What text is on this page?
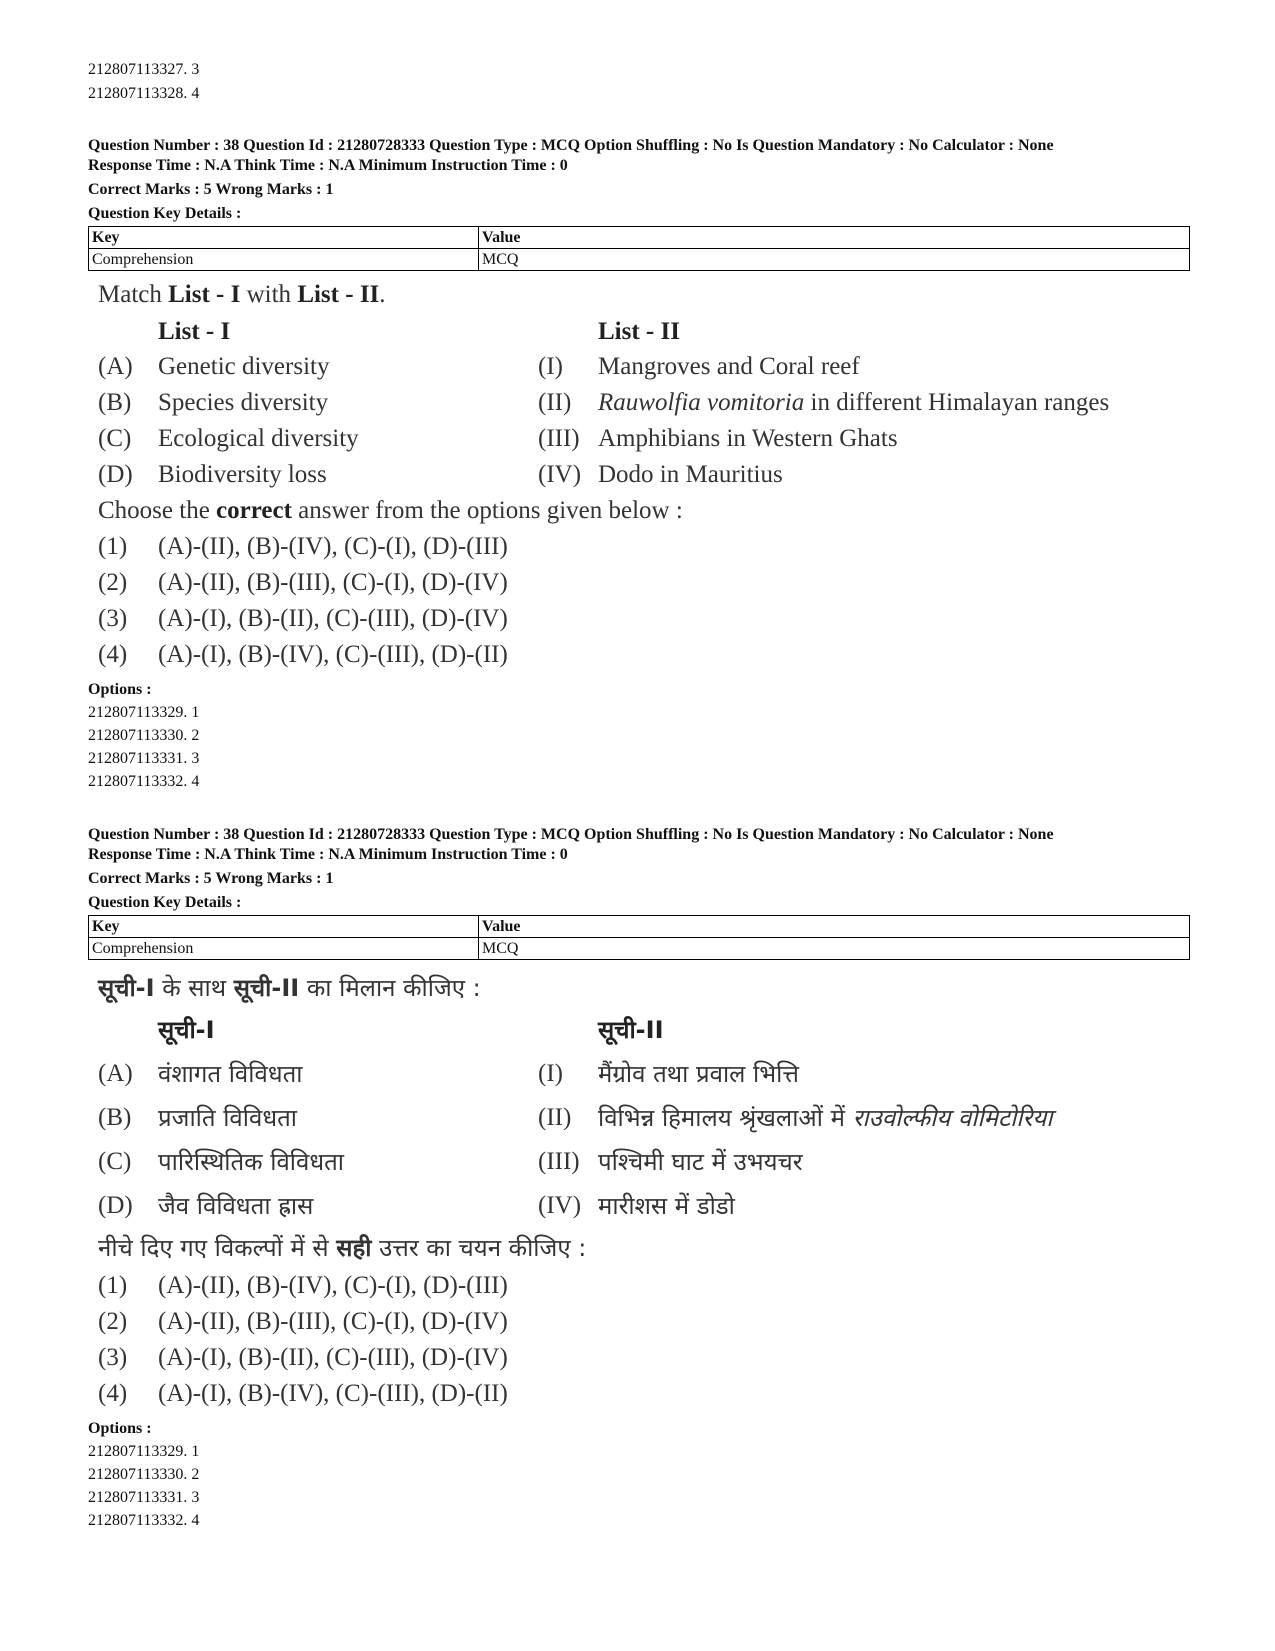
212807113327. 3
212807113328. 4
Question Number : 38 Question Id : 21280728333 Question Type : MCQ Option Shuffling : No Is Question Mandatory : No Calculator : None
Response Time : N.A Think Time : N.A Minimum Instruction Time : 0
Correct Marks : 5 Wrong Marks : 1
Question Key Details :
Key	Value
Comprehension	MCQ
Match List - I with List - II.
List - I	List - II
(A)	Genetic diversity	(I)	Mangroves and Coral reef
(B)	Species diversity	(II)	Rauwolfia vomitoria in different Himalayan ranges
(C)	Ecological diversity	(III) Amphibians in Western Ghats
(D)	Biodiversity loss	(IV) Dodo in Mauritius
Choose the correct answer from the options given below :
(1)	(A)-(II), (B)-(IV), (C)-(I), (D)-(III)
(2)	(A)-(II), (B)-(III), (C)-(I), (D)-(IV)
(3)	(A)-(I), (B)-(II), (C)-(III), (D)-(IV)
(4)	(A)-(I), (B)-(IV), (C)-(III), (D)-(II)
Options :
212807113329. 1
212807113330. 2
212807113331. 3
212807113332. 4
Question Number : 38 Question Id : 21280728333 Question Type : MCQ Option Shuffling : No Is Question Mandatory : No Calculator : None
Response Time : N.A Think Time : N.A Minimum Instruction Time : 0
Correct Marks : 5 Wrong Marks : 1
Question Key Details :
Key	Value
Comprehension	MCQ
सूची-I के साथ सूची-II का मिलान कीजिए :
सूची-I	सूची-II
(A)	वंशागत विविधता	(I)	मैंग्रोव तथा प्रवाल भित्ति
(B)	प्रजाति विविधता	(II)	विभिन्न हिमालय श्रृंखलाओं में राउवोल्फीय वोमिटोरिया
(C)	पारिस्थितिक विविधता	(III) पश्चिमी घाट में उभयचर
(D)	जैव विविधता ह्रास	(IV) मारीशस में डोडो
नीचे दिए गए विकल्पों में से सही उत्तर का चयन कीजिए :
(1)	(A)-(II), (B)-(IV), (C)-(I), (D)-(III)
(2)	(A)-(II), (B)-(III), (C)-(I), (D)-(IV)
(3)	(A)-(I), (B)-(II), (C)-(III), (D)-(IV)
(4)	(A)-(I), (B)-(IV), (C)-(III), (D)-(II)
Options :
212807113329. 1
212807113330. 2
212807113331. 3
212807113332. 4
